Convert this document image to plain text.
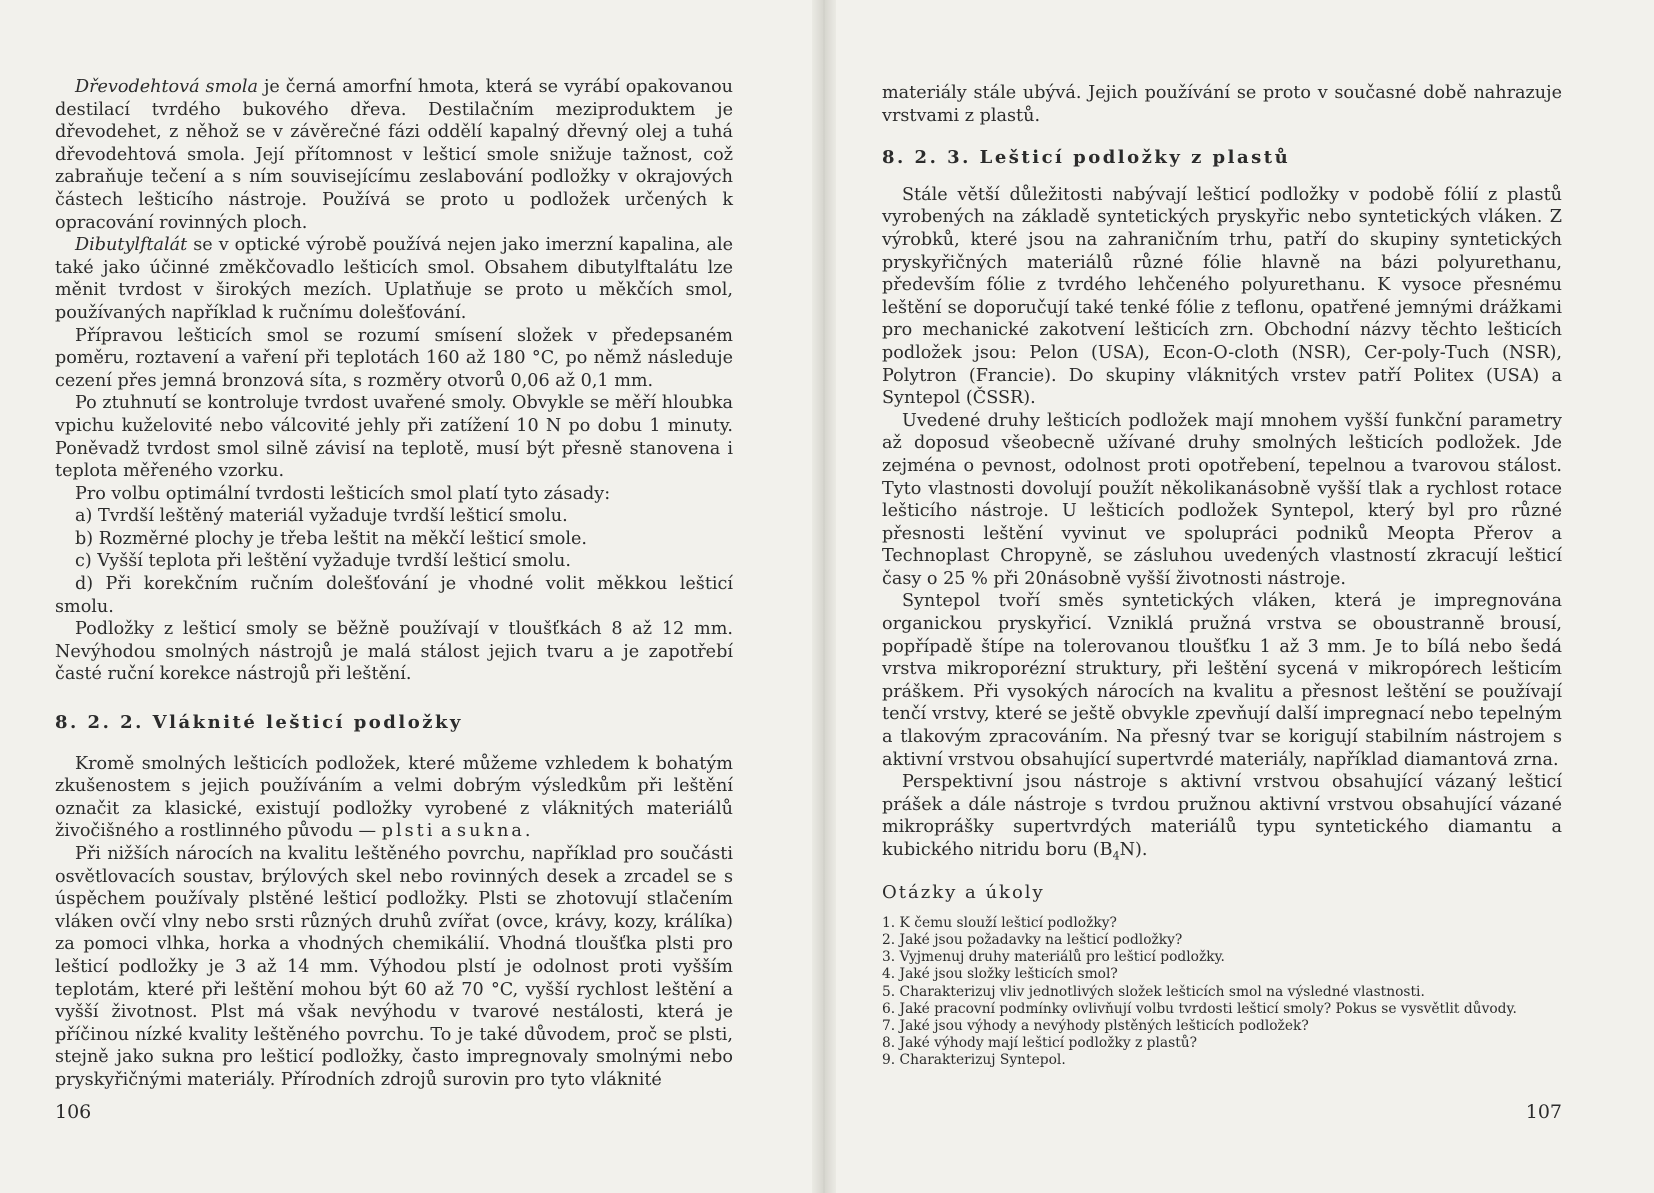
Dřevodehtová smola je černá amorfní hmota, která se vyrábí opakovanou destilací tvrdého bukového dřeva. Destilačním meziproduktem je dřevodehet, z něhož se v závěrečné fázi oddělí kapalný dřevný olej a tuhá dřevodehtová smola. Její přítomnost v lešticí smole snižuje tažnost, což zabraňuje tečení a s ním souvisejícímu zeslabování podložky v okrajových částech lešticího nástroje. Používá se proto u podložek určených k opracování rovinných ploch.

Dibutylftalát se v optické výrobě používá nejen jako imerzní kapalina, ale také jako účinné změkčovadlo lešticích smol. Obsahem dibutylftalátu lze měnit tvrdost v širokých mezích. Uplatňuje se proto u měkčích smol, používaných například k ručnímu dolešťování.

Přípravou lešticích smol se rozumí smísení složek v předepsaném poměru, roztavení a vaření při teplotách 160 až 180 °C, po němž následuje cezení přes jemná bronzová síta, s rozměry otvorů 0,06 až 0,1 mm.

Po ztuhnutí se kontroluje tvrdost uvařené smoly. Obvykle se měří hloubka vpichu kuželovité nebo válcovité jehly při zatížení 10 N po dobu 1 minuty. Poněvadž tvrdost smol silně závisí na teplotě, musí být přesně stanovena i teplota měřeného vzorku.

Pro volbu optimální tvrdosti lešticích smol platí tyto zásady:

a) Tvrdší leštěný materiál vyžaduje tvrdší lešticí smolu.

b) Rozměrné plochy je třeba leštit na měkčí lešticí smole.

c) Vyšší teplota při leštění vyžaduje tvrdší lešticí smolu.

d) Při korekčním ručním dolešťování je vhodné volit měkkou lešticí smolu.

Podložky z lešticí smoly se běžně používají v tloušťkách 8 až 12 mm. Nevýhodou smolných nástrojů je malá stálost jejich tvaru a je zapotřebí časté ruční korekce nástrojů při leštění.

8. 2. 2. Vláknité lešticí podložky

Kromě smolných lešticích podložek, které můžeme vzhledem k bohatým zkušenostem s jejich používáním a velmi dobrým výsledkům při leštění označit za klasické, existují podložky vyrobené z vláknitých materiálů živočišného a rostlinného původu — plsti a sukna.

Při nižších nárocích na kvalitu leštěného povrchu, například pro součásti osvětlovacích soustav, brýlových skel nebo rovinných desek a zrcadel se s úspěchem používaly plstěné lešticí podložky. Plsti se zhotovují stlačením vláken ovčí vlny nebo srsti různých druhů zvířat (ovce, krávy, kozy, králíka) za pomoci vlhka, horka a vhodných chemikálií. Vhodná tloušťka plsti pro lešticí podložky je 3 až 14 mm. Výhodou plstí je odolnost proti vyšším teplotám, které při leštění mohou být 60 až 70 °C, vyšší rychlost leštění a vyšší životnost. Plst má však nevýhodu v tvarové nestálosti, která je příčinou nízké kvality leštěného povrchu. To je také důvodem, proč se plsti, stejně jako sukna pro lešticí podložky, často impregnovaly smolnými nebo pryskyřičnými materiály. Přírodních zdrojů surovin pro tyto vláknité

106

materiály stále ubývá. Jejich používání se proto v současné době nahrazuje vrstvami z plastů.

8. 2. 3. Lešticí podložky z plastů

Stále větší důležitosti nabývají lešticí podložky v podobě fólií z plastů vyrobených na základě syntetických pryskyřic nebo syntetických vláken. Z výrobků, které jsou na zahraničním trhu, patří do skupiny syntetických pryskyřičných materiálů různé fólie hlavně na bázi polyurethanu, především fólie z tvrdého lehčeného polyurethanu. K vysoce přesnému leštění se doporučují také tenké fólie z teflonu, opatřené jemnými drážkami pro mechanické zakotvení lešticích zrn. Obchodní názvy těchto lešticích podložek jsou: Pelon (USA), Econ-O-cloth (NSR), Cer-poly-Tuch (NSR), Polytron (Francie). Do skupiny vláknitých vrstev patří Politex (USA) a Syntepol (ČSSR).

Uvedené druhy lešticích podložek mají mnohem vyšší funkční parametry až doposud všeobecně užívané druhy smolných lešticích podložek. Jde zejména o pevnost, odolnost proti opotřebení, tepelnou a tvarovou stálost. Tyto vlastnosti dovolují použít několikanásobně vyšší tlak a rychlost rotace lešticího nástroje. U lešticích podložek Syntepol, který byl pro různé přesnosti leštění vyvinut ve spolupráci podniků Meopta Přerov a Technoplast Chropyně, se zásluhou uvedených vlastností zkracují lešticí časy o 25 % při 20násobně vyšší životnosti nástroje.

Syntepol tvoří směs syntetických vláken, která je impregnována organickou pryskyřicí. Vzniklá pružná vrstva se oboustranně brousí, popřípadě štípe na tolerovanou tloušťku 1 až 3 mm. Je to bílá nebo šedá vrstva mikroporézní struktury, při leštění sycená v mikropórech lešticím práškem. Při vysokých nárocích na kvalitu a přesnost leštění se používají tenčí vrstvy, které se ještě obvykle zpevňují další impregnací nebo tepelným a tlakovým zpracováním. Na přesný tvar se korigují stabilním nástrojem s aktivní vrstvou obsahující supertvrdé materiály, například diamantová zrna.

Perspektivní jsou nástroje s aktivní vrstvou obsahující vázaný lešticí prášek a dále nástroje s tvrdou pružnou aktivní vrstvou obsahující vázané mikroprášky supertvrdých materiálů typu syntetického diamantu a kubického nitridu boru $(B_4N)$.

Otázky a úkoly
1. K čemu slouží lešticí podložky?
2. Jaké jsou požadavky na lešticí podložky?
3. Vyjmenuj druhy materiálů pro lešticí podložky.
4. Jaké jsou složky lešticích smol?
5. Charakterizuj vliv jednotlivých složek lešticích smol na výsledné vlastnosti.
6. Jaké pracovní podmínky ovlivňují volbu tvrdosti lešticí smoly? Pokus se vysvětlit důvody.
7. Jaké jsou výhody a nevýhody plstěných lešticích podložek?
8. Jaké výhody mají lešticí podložky z plastů?
9. Charakterizuj Syntepol.
107
